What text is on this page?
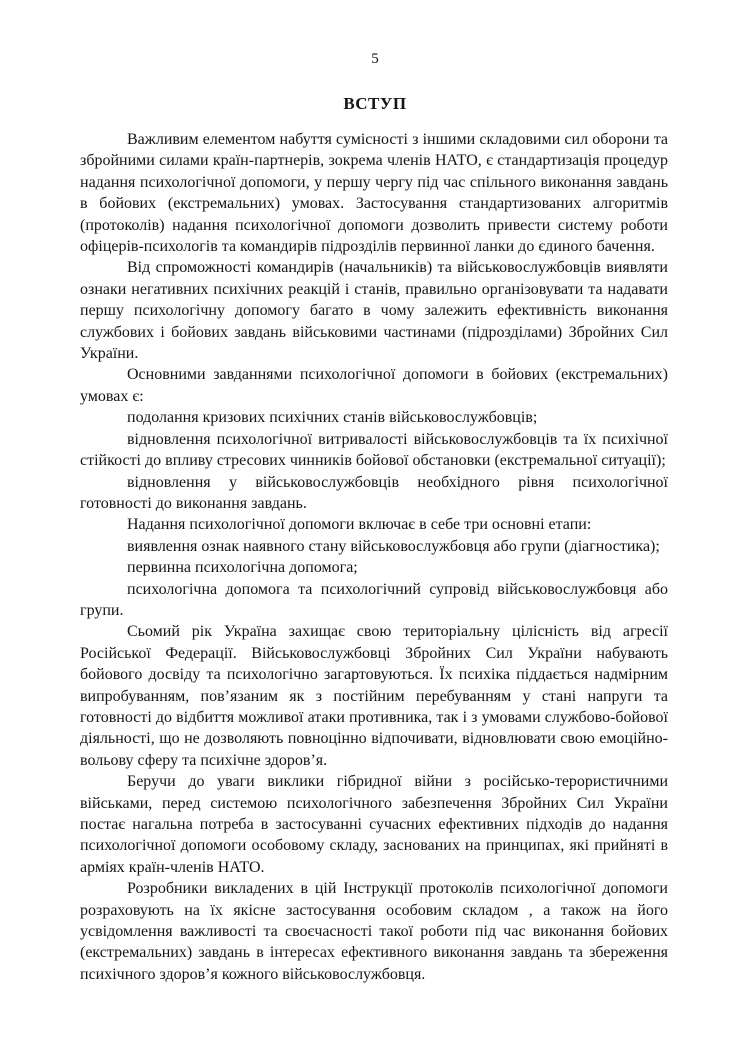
5
ВСТУП

Важливим елементом набуття сумісності з іншими складовими сил оборони та збройними силами країн-партнерів, зокрема членів НАТО, є стандартизація процедур надання психологічної допомоги, у першу чергу під час спільного виконання завдань в бойових (екстремальних) умовах. Застосування стандартизованих алгоритмів (протоколів) надання психологічної допомоги дозволить привести систему роботи офіцерів-психологів та командирів підрозділів первинної ланки до єдиного бачення.

Від спроможності командирів (начальників) та військовослужбовців виявляти ознаки негативних психічних реакцій і станів, правильно організовувати та надавати першу психологічну допомогу багато в чому залежить ефективність виконання службових і бойових завдань військовими частинами (підрозділами) Збройних Сил України.

Основними завданнями психологічної допомоги в бойових (екстремальних) умовах є:

подолання кризових психічних станів військовослужбовців;

відновлення психологічної витривалості військовослужбовців та їх психічної стійкості до впливу стресових чинників бойової обстановки (екстремальної ситуації);

відновлення у військовослужбовців необхідного рівня психологічної готовності до виконання завдань.

Надання психологічної допомоги включає в себе три основні етапи:

виявлення ознак наявного стану військовослужбовця або групи (діагностика);

первинна психологічна допомога;

психологічна допомога та психологічний супровід військовослужбовця або групи.

Сьомий рік Україна захищає свою територіальну цілісність від агресії Російської Федерації. Військовослужбовці Збройних Сил України набувають бойового досвіду та психологічно загартовуються. Їх психіка піддається надмірним випробуванням, пов’язаним як з постійним перебуванням у стані напруги та готовності до відбиття можливої атаки противника, так і з умовами службово-бойової діяльності, що не дозволяють повноцінно відпочивати, відновлювати свою емоційно-вольову сферу та психічне здоров’я.

Беручи до уваги виклики гібридної війни з російсько-терористичними військами, перед системою психологічного забезпечення Збройних Сил України постає нагальна потреба в застосуванні сучасних ефективних підходів до надання психологічної допомоги особовому складу, заснованих на принципах, які прийняті в арміях країн-членів НАТО.

Розробники викладених в цій Інструкції протоколів психологічної допомоги розраховують на їх якісне застосування особовим складом , а також на його усвідомлення важливості та своєчасності такої роботи під час виконання бойових (екстремальних) завдань в інтересах ефективного виконання завдань та збереження психічного здоров’я кожного військовослужбовця.
